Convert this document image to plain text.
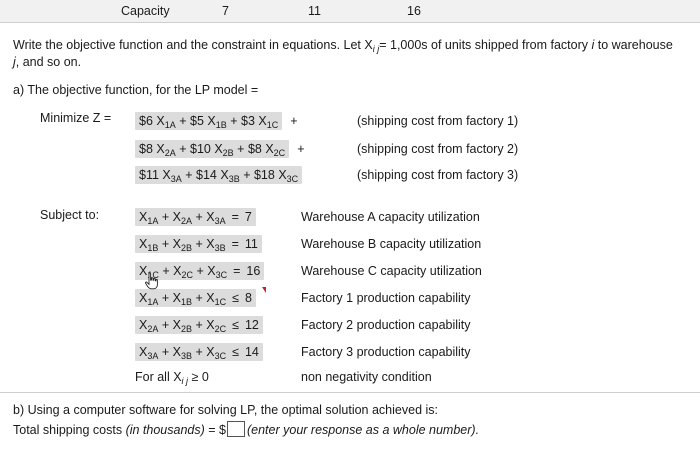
Capacity	7	11	16
Write the objective function and the constraint in equations. Let $X_{i j}= 1,000s$ of units shipped from factory i to warehouse
j, and so on.
a) The objective function, for the LP model =
Minimize Z =	$6 $X_{1A}$ + $5 $X_{1B}$ + $3 $X_{1C}$ +	(shipping cost from factory 1)
$8 $X_{2A}$ + $10 $X_{2B}$ + $8 $X_{2C}$ +	(shipping cost from factory 2)
$11 $X_{3A}$ + $14 $X_{3B}$ + $18 $X_{3C}$	(shipping cost from factory 3)
Subject to:	$X_{1A} + X_{2A} + X_{3A} = 7$	Warehouse A capacity utilization
$X_{1B} + X_{2B} + X_{3B} = 11$	Warehouse B capacity utilization
$X_{1C} + X_{2C} + X_{3C} = 16$	Warehouse C capacity utilization
$X_{1A} + X_{1B} + X_{1C} \le 8$	Factory 1 production capability
$X_{2A} + X_{2B} + X_{2C} \le 12$	Factory 2 production capability
$X_{3A} + X_{3B} + X_{3C} \le 14$	Factory 3 production capability
For all $X_{i j} \ge 0$	non negativity condition
b) Using a computer software for solving LP, the optimal solution achieved is:
Total shipping costs (in thousands) = $ (enter your response as a whole number).
